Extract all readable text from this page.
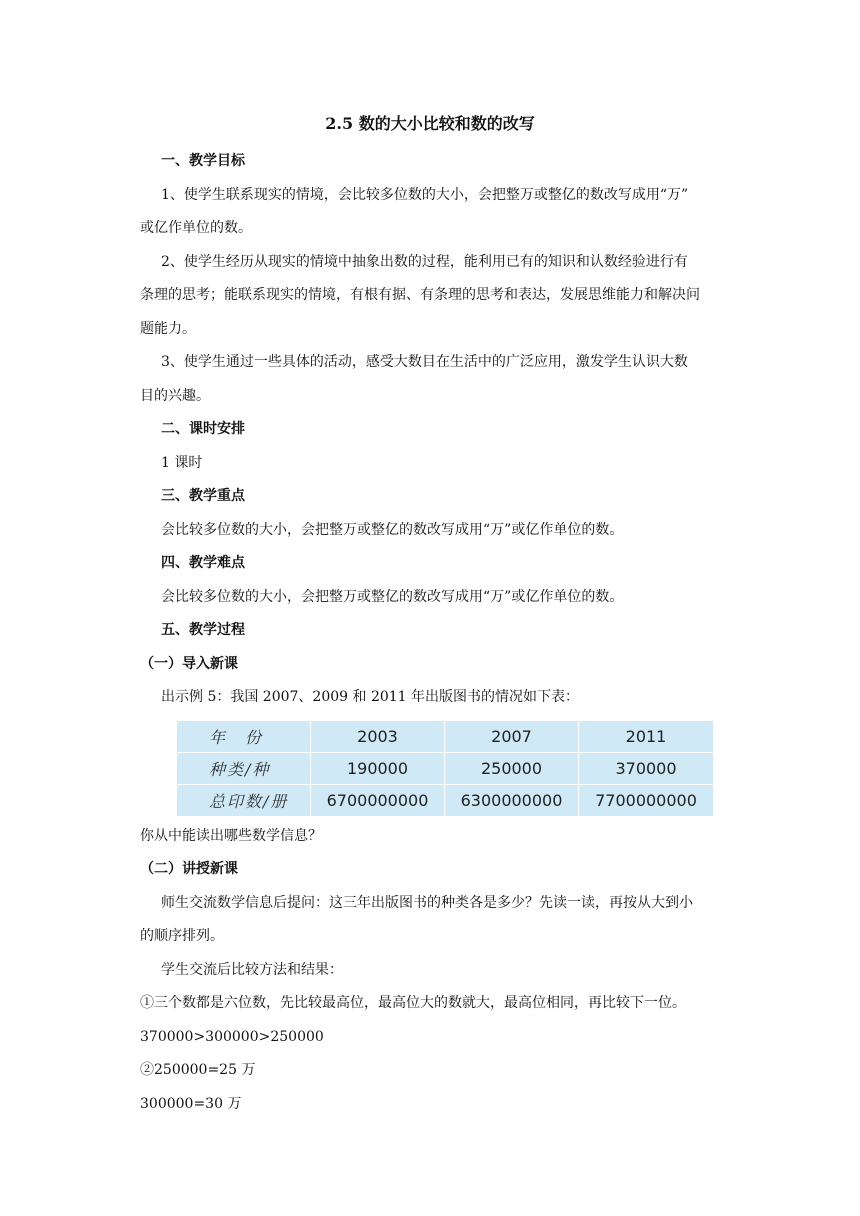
2.5 数的大小比较和数的改写

一、教学目标

1、使学生联系现实的情境，会比较多位数的大小，会把整万或整亿的数改写成用“万”

或亿作单位的数。

2、使学生经历从现实的情境中抽象出数的过程，能利用已有的知识和认数经验进行有

条理的思考；能联系现实的情境，有根有据、有条理的思考和表达，发展思维能力和解决问

题能力。

3、使学生通过一些具体的活动，感受大数目在生活中的广泛应用，激发学生认识大数

目的兴趣。

二、课时安排

1 课时

三、教学重点

会比较多位数的大小，会把整万或整亿的数改写成用“万”或亿作单位的数。

四、教学难点

会比较多位数的大小，会把整万或整亿的数改写成用“万”或亿作单位的数。

五、教学过程

（一）导入新课

出示例 5：我国 2007、2009 和 2011 年出版图书的情况如下表：

年　份	2003	2007	2011
种类/种	190000	250000	370000
总印数/册	6700000000	6300000000	7700000000

你从中能读出哪些数学信息？

（二）讲授新课

师生交流数学信息后提问：这三年出版图书的种类各是多少？先读一读，再按从大到小

的顺序排列。

学生交流后比较方法和结果：

①三个数都是六位数，先比较最高位，最高位大的数就大，最高位相同，再比较下一位。

370000>300000>250000

②250000=25 万

300000=30 万
